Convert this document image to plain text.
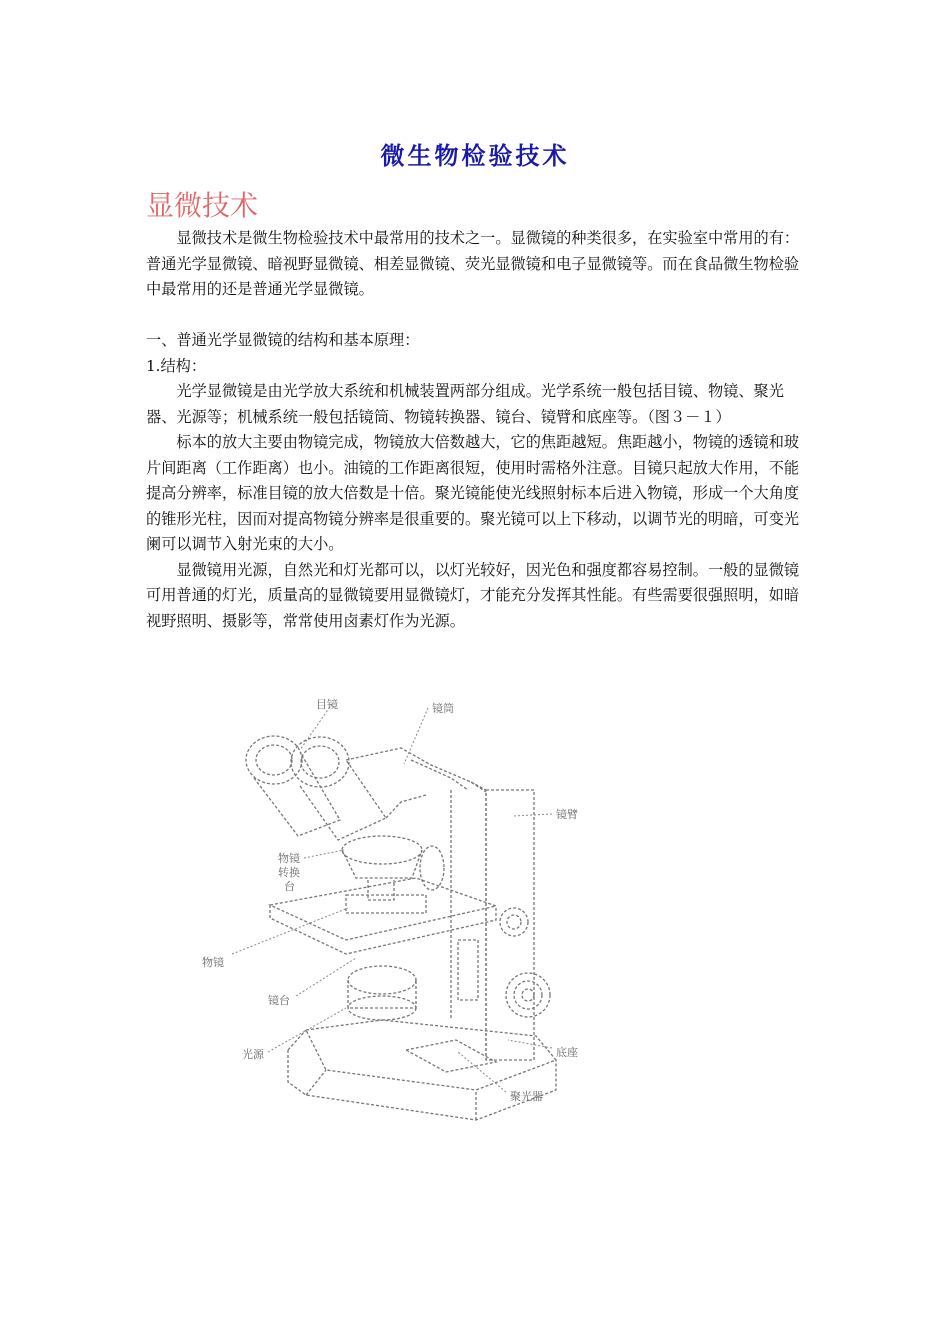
微生物检验技术
显微技术

显微技术是微生物检验技术中最常用的技术之一。显微镜的种类很多，在实验室中常用的有：普通光学显微镜、暗视野显微镜、相差显微镜、荧光显微镜和电子显微镜等。而在食品微生物检验中最常用的还是普通光学显微镜。

一、普通光学显微镜的结构和基本原理：

1.结构：

光学显微镜是由光学放大系统和机械装置两部分组成。光学系统一般包括目镜、物镜、聚光器、光源等；机械系统一般包括镜筒、物镜转换器、镜台、镜臂和底座等。（图３－１）

标本的放大主要由物镜完成，物镜放大倍数越大，它的焦距越短。焦距越小，物镜的透镜和玻片间距离（工作距离）也小。油镜的工作距离很短，使用时需格外注意。目镜只起放大作用，不能提高分辨率，标准目镜的放大倍数是十倍。聚光镜能使光线照射标本后进入物镜，形成一个大角度的锥形光柱，因而对提高物镜分辨率是很重要的。聚光镜可以上下移动，以调节光的明暗，可变光阑可以调节入射光束的大小。

显微镜用光源，自然光和灯光都可以，以灯光较好，因光色和强度都容易控制。一般的显微镜可用普通的灯光，质量高的显微镜要用显微镜灯，才能充分发挥其性能。有些需要很强照明，如暗视野照明、摄影等，常常使用卤素灯作为光源。

目镜	镜筒
镜臂
物镜
转换
台
物镜
镜台
光源	底座
聚光器
